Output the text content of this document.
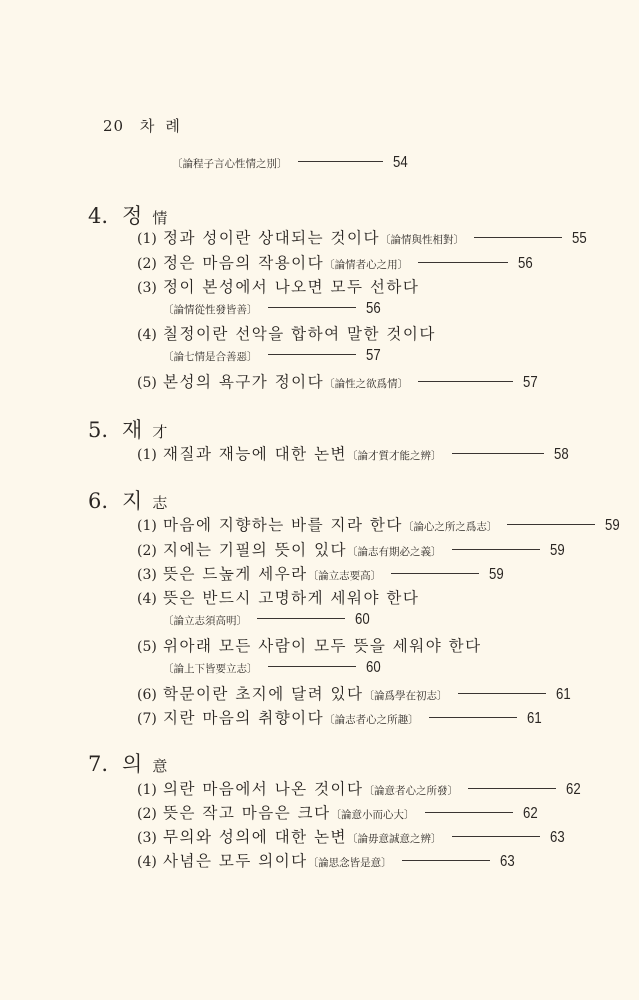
20 차 례
〔論程子言心性情之別〕	54
4. 정 情
(1) 정과 성이란 상대되는 것이다 〔論情與性相對〕	55
(2) 정은 마음의 작용이다 〔論情者心之用〕	56
(3) 정이 본성에서 나오면 모두 선하다
〔論情從性發皆善〕	56
(4) 칠정이란 선악을 합하여 말한 것이다
〔論七情是合善惡〕	57
(5) 본성의 욕구가 정이다 〔論性之欲爲情〕	57
5. 재 才
(1) 재질과 재능에 대한 논변 〔論才質才能之辨〕	58
6. 지 志
(1) 마음에 지향하는 바를 지라 한다 〔論心之所之爲志〕	59
(2) 지에는 기필의 뜻이 있다 〔論志有期必之義〕	59
(3) 뜻은 드높게 세우라 〔論立志要高〕	59
(4) 뜻은 반드시 고명하게 세워야 한다
〔論立志須高明〕	60
(5) 위아래 모든 사람이 모두 뜻을 세워야 한다
〔論上下皆要立志〕	60
(6) 학문이란 초지에 달려 있다 〔論爲學在初志〕	61
(7) 지란 마음의 취향이다 〔論志者心之所趣〕	61
7. 의 意
(1) 의란 마음에서 나온 것이다 〔論意者心之所發〕	62
(2) 뜻은 작고 마음은 크다 〔論意小而心大〕	62
(3) 무의와 성의에 대한 논변 〔論毋意誠意之辨〕	63
(4) 사념은 모두 의이다 〔論思念皆是意〕	63
